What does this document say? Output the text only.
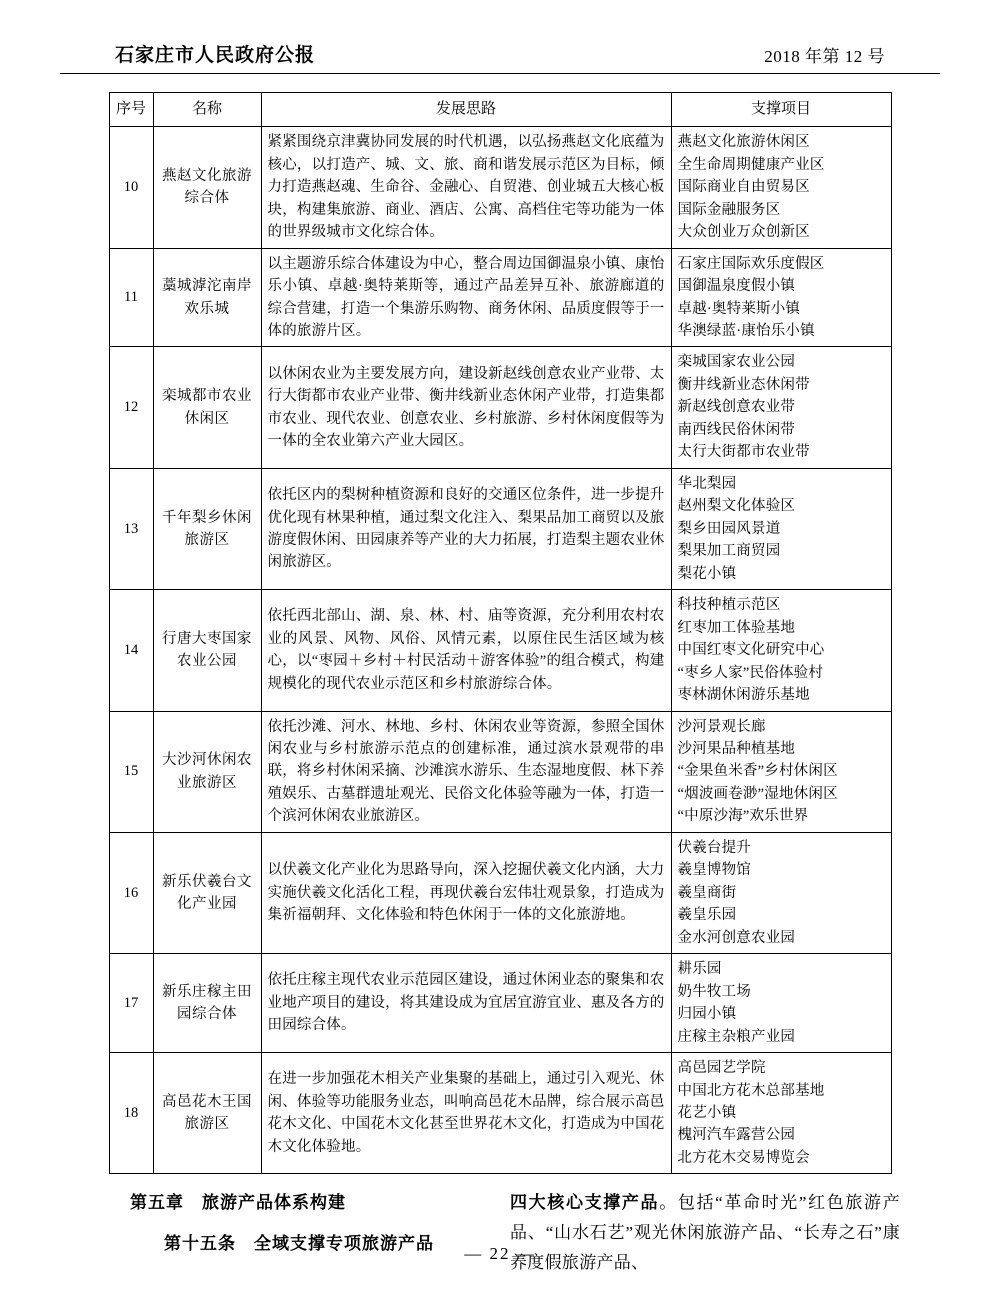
石家庄市人民政府公报	2018 年第 12 号
序号	名称	发展思路	支撑项目
10	燕赵文化旅游综合体	紧紧围绕京津冀协同发展的时代机遇，以弘扬燕赵文化底蕴为核心，以打造产、城、文、旅、商和谐发展示范区为目标，倾力打造燕赵魂、生命谷、金融心、自贸港、创业城五大核心板块，构建集旅游、商业、酒店、公寓、高档住宅等功能为一体的世界级城市文化综合体。	燕赵文化旅游休闲区
全生命周期健康产业区
国际商业自由贸易区
国际金融服务区
大众创业万众创新区

11	藁城滹沱南岸欢乐城	以主题游乐综合体建设为中心，整合周边国御温泉小镇、康怡乐小镇、卓越·奥特莱斯等，通过产品差异互补、旅游廊道的综合营建，打造一个集游乐购物、商务休闲、品质度假等于一体的旅游片区。	石家庄国际欢乐度假区
国御温泉度假小镇
卓越·奥特莱斯小镇
华澳绿蓝·康怡乐小镇

12	栾城都市农业休闲区	以休闲农业为主要发展方向，建设新赵线创意农业产业带、太行大街都市农业产业带、衡井线新业态休闲产业带，打造集都市农业、现代农业、创意农业、乡村旅游、乡村休闲度假等为一体的全农业第六产业大园区。	栾城国家农业公园
衡井线新业态休闲带
新赵线创意农业带
南西线民俗休闲带
太行大街都市农业带

13	千年梨乡休闲旅游区	依托区内的梨树种植资源和良好的交通区位条件，进一步提升优化现有林果种植，通过梨文化注入、梨果品加工商贸以及旅游度假休闲、田园康养等产业的大力拓展，打造梨主题农业休闲旅游区。	华北梨园
赵州梨文化体验区
梨乡田园风景道
梨果加工商贸园
梨花小镇

14	行唐大枣国家农业公园	依托西北部山、湖、泉、林、村、庙等资源，充分利用农村农业的风景、风物、风俗、风情元素，以原住民生活区域为核心，以“枣园＋乡村＋村民活动＋游客体验”的组合模式，构建规模化的现代农业示范区和乡村旅游综合体。	科技种植示范区
红枣加工体验基地
中国红枣文化研究中心
“枣乡人家”民俗体验村
枣林湖休闲游乐基地

15	大沙河休闲农业旅游区	依托沙滩、河水、林地、乡村、休闲农业等资源，参照全国休闲农业与乡村旅游示范点的创建标准，通过滨水景观带的串联，将乡村休闲采摘、沙滩滨水游乐、生态湿地度假、林下养殖娱乐、古墓群遗址观光、民俗文化体验等融为一体，打造一个滨河休闲农业旅游区。	沙河景观长廊
沙河果品种植基地
“金果鱼米香”乡村休闲区
“烟波画卷渺”湿地休闲区
“中原沙海”欢乐世界

16	新乐伏羲台文化产业园	以伏羲文化产业化为思路导向，深入挖掘伏羲文化内涵，大力实施伏羲文化活化工程，再现伏羲台宏伟壮观景象，打造成为集祈福朝拜、文化体验和特色休闲于一体的文化旅游地。	伏羲台提升
羲皇博物馆
羲皇商街
羲皇乐园
金水河创意农业园

17	新乐庄稼主田园综合体	依托庄稼主现代农业示范园区建设，通过休闲业态的聚集和农业地产项目的建设，将其建设成为宜居宜游宜业、惠及各方的田园综合体。	耕乐园
奶牛牧工场
归园小镇
庄稼主杂粮产业园

18	高邑花木王国旅游区	在进一步加强花木相关产业集聚的基础上，通过引入观光、休闲、体验等功能服务业态，叫响高邑花木品牌，综合展示高邑花木文化、中国花木文化甚至世界花木文化，打造成为中国花木文化体验地。	高邑园艺学院
中国北方花木总部基地
花艺小镇
槐河汽车露营公园
北方花木交易博览会
第五章　旅游产品体系构建
第十五条　全域支撑专项旅游产品
四大核心支撑产品。包括“革命时光”红色旅游产品、“山水石艺”观光休闲旅游产品、“长寿之石”康养度假旅游产品、
— 22 —
